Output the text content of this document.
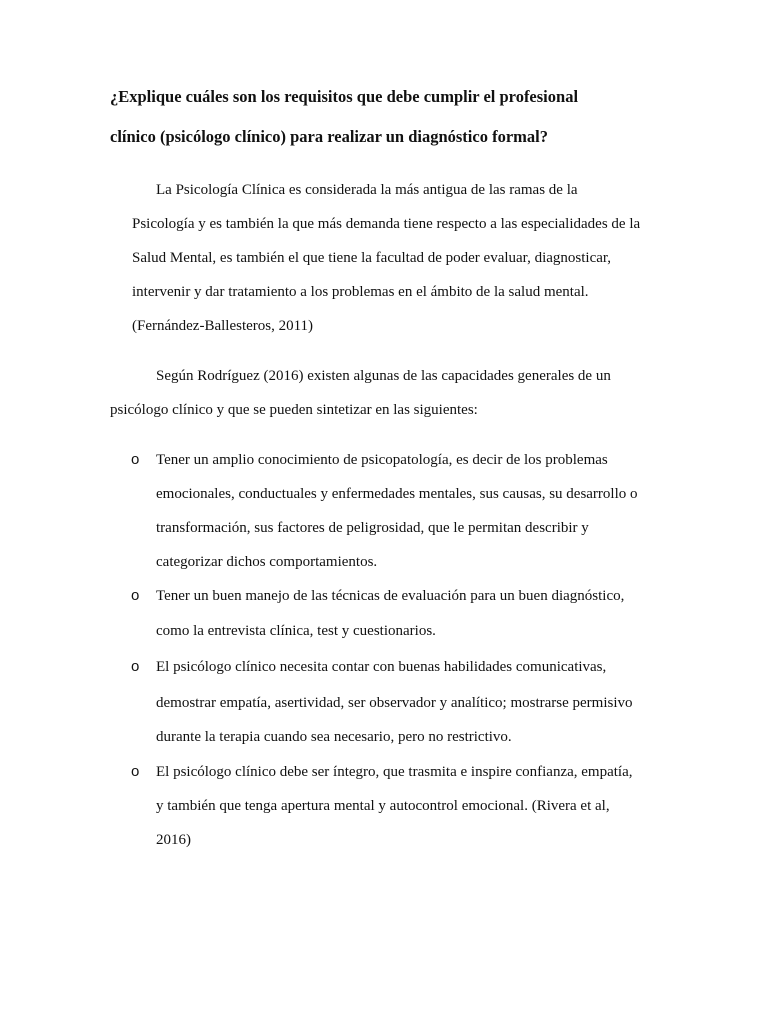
¿Explique cuáles son los requisitos que debe cumplir el profesional
clínico (psicólogo clínico) para realizar un diagnóstico formal?
La Psicología Clínica es considerada la más antigua de las ramas de la
Psicología y es también la que más demanda tiene respecto a las especialidades de la
Salud Mental, es también el que tiene la facultad de poder evaluar, diagnosticar,
intervenir y dar tratamiento a los problemas en el ámbito de la salud mental.
(Fernández-Ballesteros, 2011)
Según Rodríguez (2016) existen algunas de las capacidades generales de un
psicólogo clínico y que se pueden sintetizar en las siguientes:
o Tener un amplio conocimiento de psicopatología, es decir de los problemas
emocionales, conductuales y enfermedades mentales, sus causas, su desarrollo o
transformación, sus factores de peligrosidad, que le permitan describir y
categorizar dichos comportamientos.
o Tener un buen manejo de las técnicas de evaluación para un buen diagnóstico,
como la entrevista clínica, test y cuestionarios.
o El psicólogo clínico necesita contar con buenas habilidades comunicativas,
demostrar empatía, asertividad, ser observador y analítico; mostrarse permisivo
durante la terapia cuando sea necesario, pero no restrictivo.
o El psicólogo clínico debe ser íntegro, que trasmita e inspire confianza, empatía,
y también que tenga apertura mental y autocontrol emocional. (Rivera et al,
2016)
